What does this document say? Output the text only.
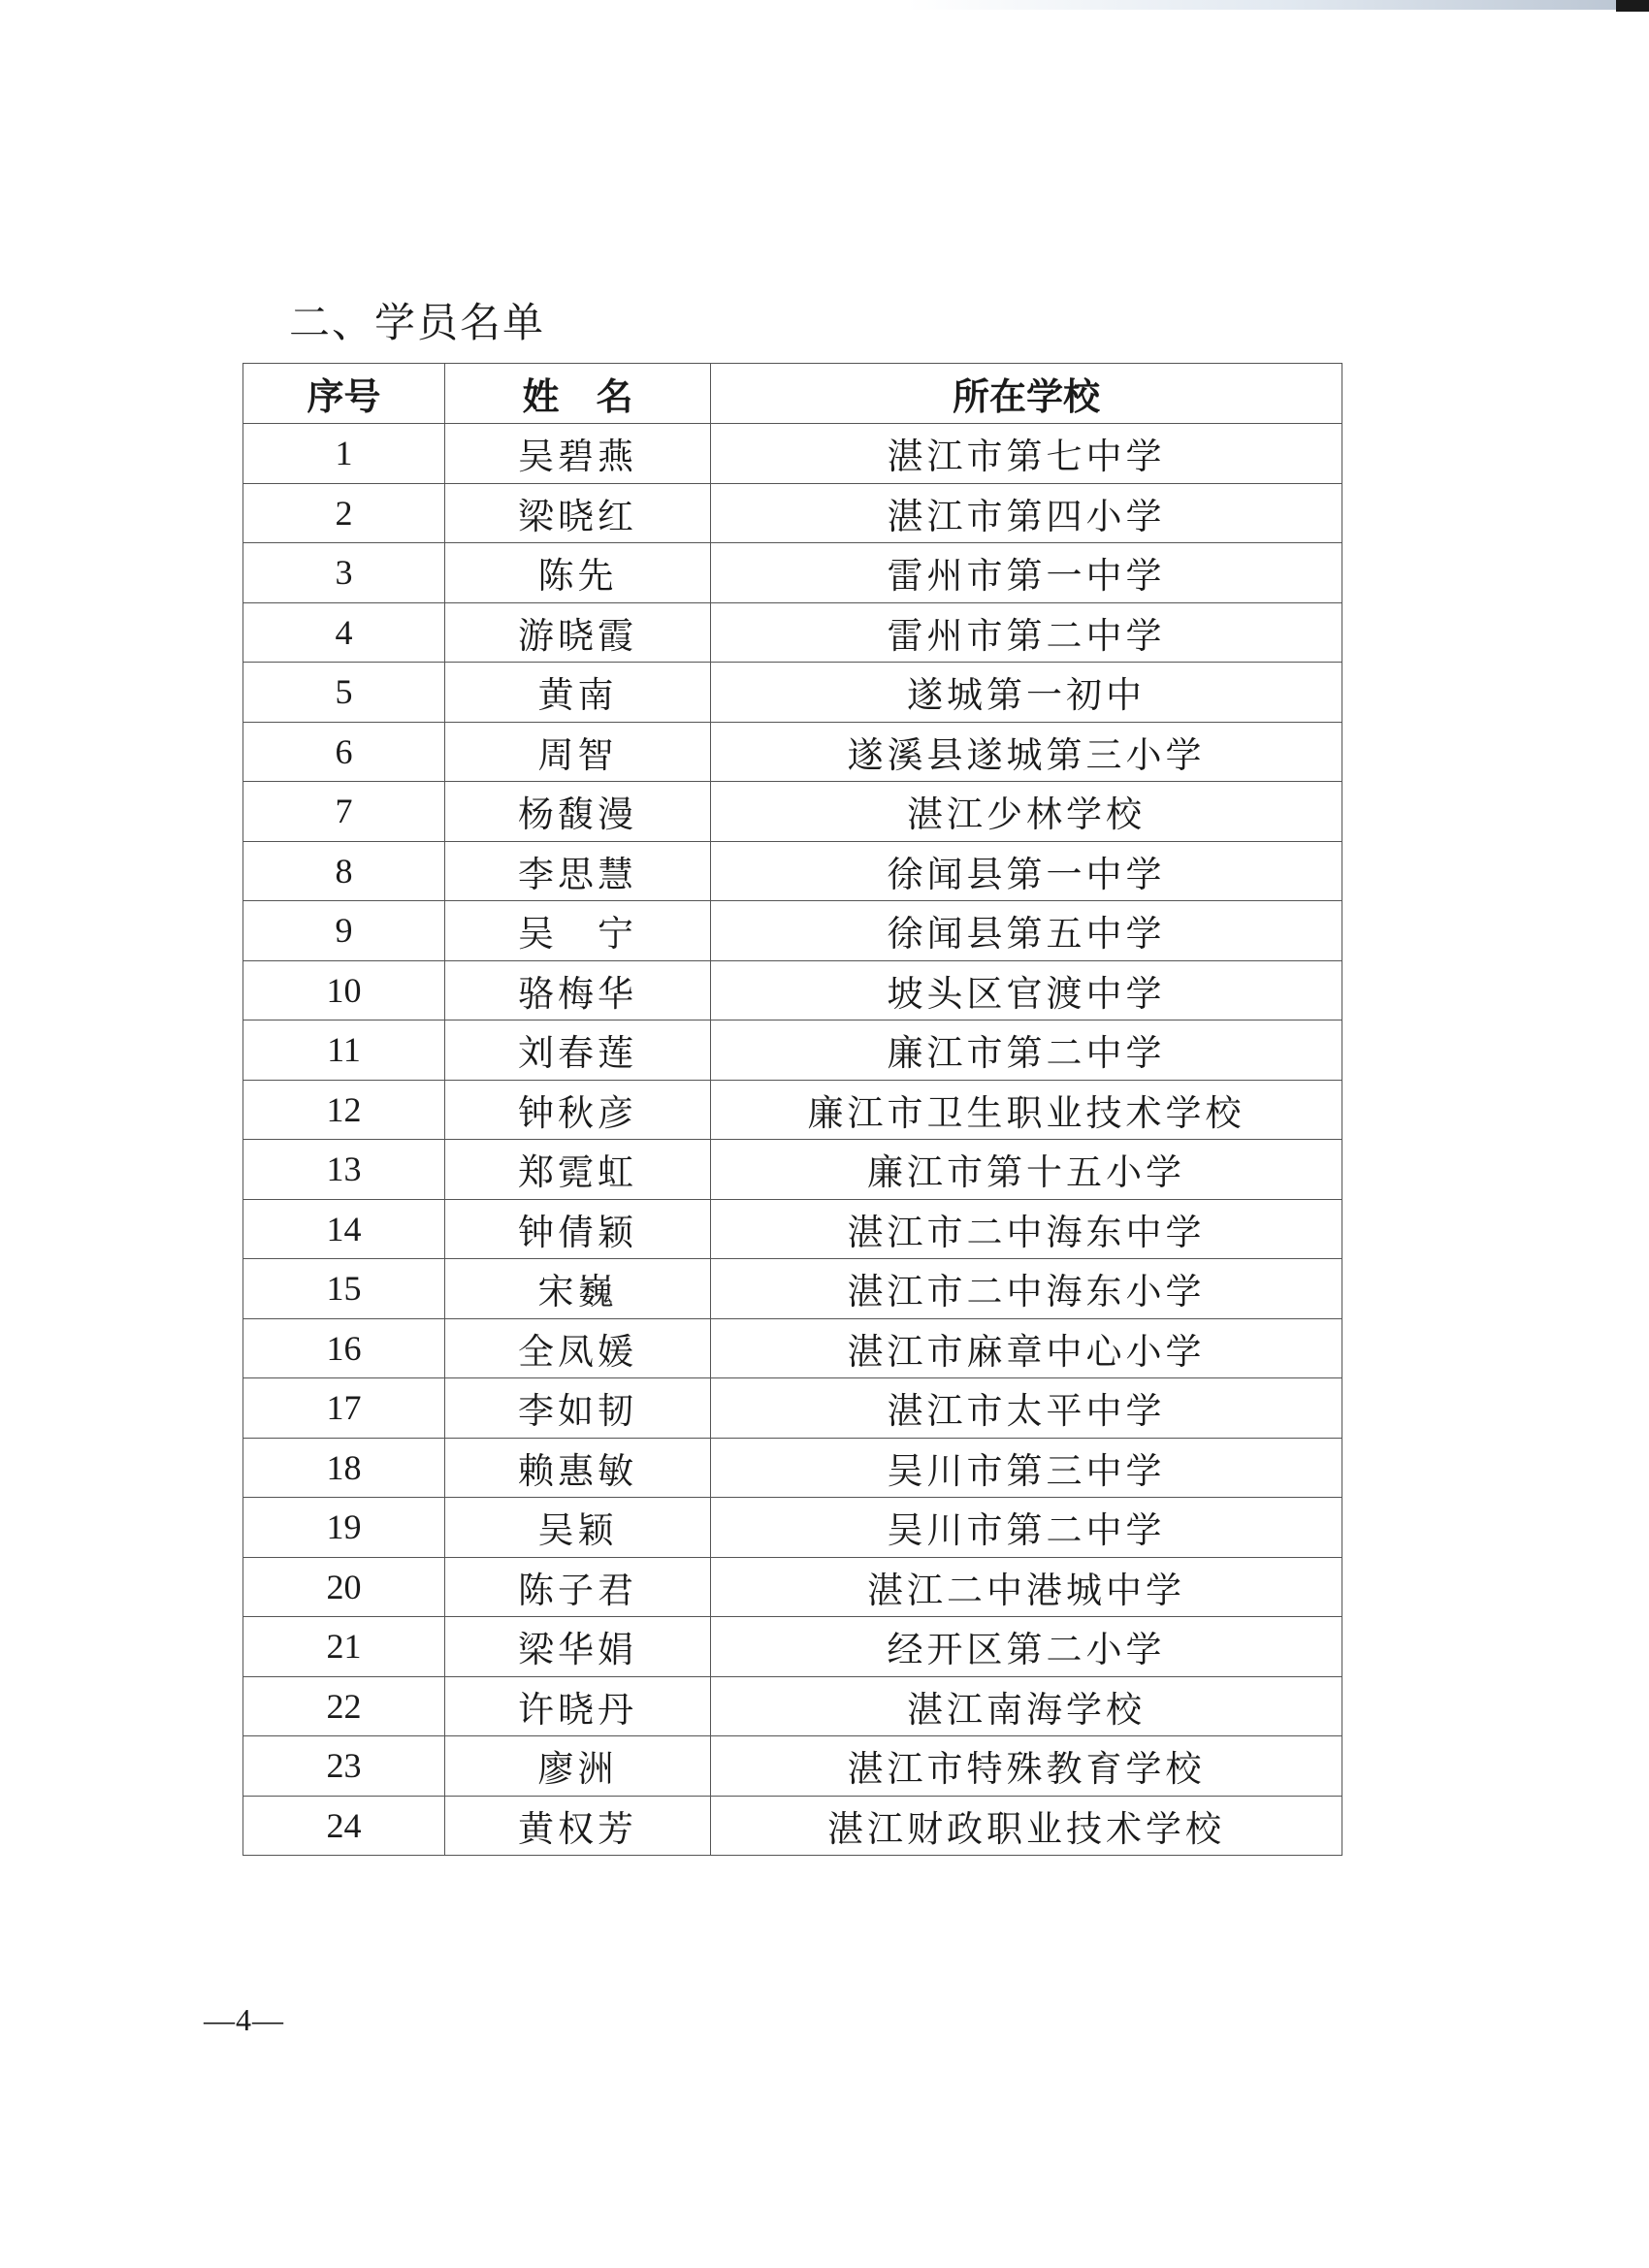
二、学员名单
序号	姓　名	所在学校
1	吴碧燕	湛江市第七中学
2	梁晓红	湛江市第四小学
3	陈先	雷州市第一中学
4	游晓霞	雷州市第二中学
5	黄南	遂城第一初中
6	周智	遂溪县遂城第三小学
7	杨馥漫	湛江少林学校
8	李思慧	徐闻县第一中学
9	吴　宁	徐闻县第五中学
10	骆梅华	坡头区官渡中学
11	刘春莲	廉江市第二中学
12	钟秋彦	廉江市卫生职业技术学校
13	郑霓虹	廉江市第十五小学
14	钟倩颖	湛江市二中海东中学
15	宋巍	湛江市二中海东小学
16	全凤媛	湛江市麻章中心小学
17	李如韧	湛江市太平中学
18	赖惠敏	吴川市第三中学
19	吴颖	吴川市第二中学
20	陈子君	湛江二中港城中学
21	梁华娟	经开区第二小学
22	许晓丹	湛江南海学校
23	廖洲	湛江市特殊教育学校
24	黄权芳	湛江财政职业技术学校
—4—
